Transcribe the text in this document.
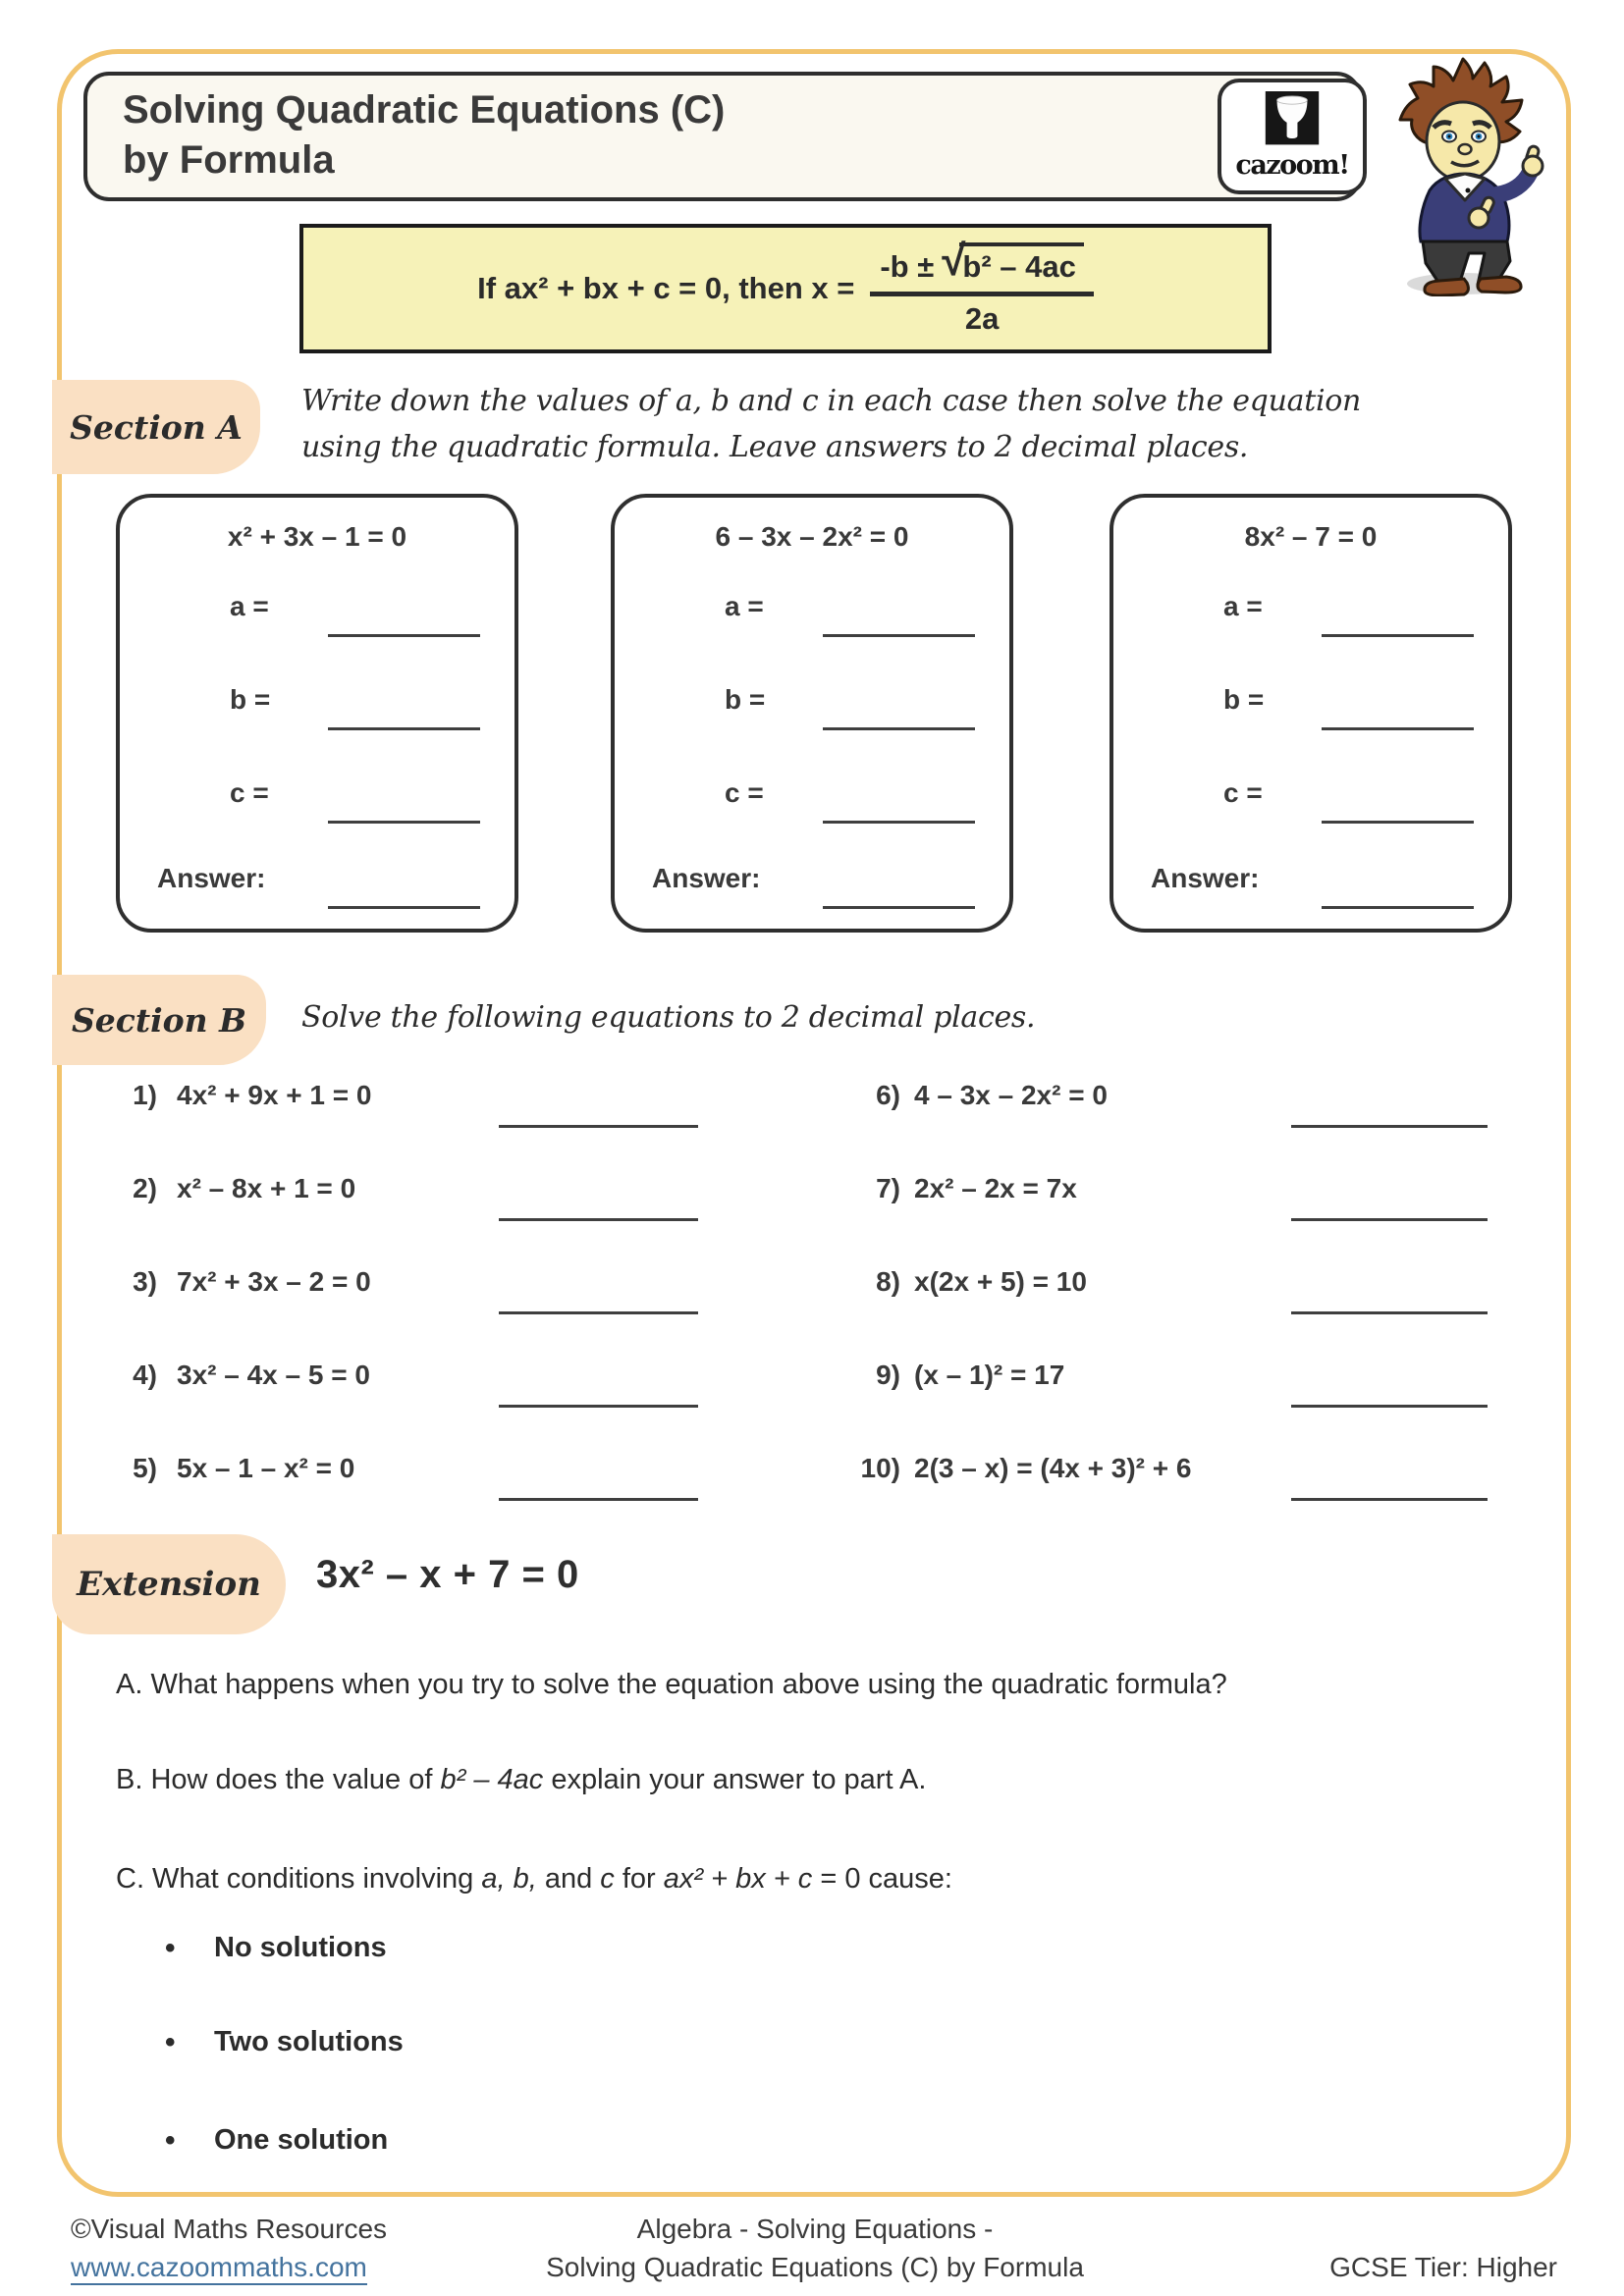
Solving Quadratic Equations (C)
by Formula	cazoom!
If ax² + bx + c = 0, then x = -b ± √
b² – 4ac
2a
Section A
Write down the values of a, b and c in each case then solve the equation
using the quadratic formula. Leave answers to 2 decimal places.
x² + 3x – 1 = 0
a =
b =
c =
Answer:
6 – 3x – 2x² = 0
a =
b =
c =
Answer:
8x² – 7 = 0
a =
b =
c =
Answer:
Section B	Solve the following equations to 2 decimal places.
1) 4x² + 9x + 1 = 0
2) x² – 8x + 1 = 0
3) 7x² + 3x – 2 = 0
4) 3x² – 4x – 5 = 0
5) 5x – 1 – x² = 0
6) 4 – 3x – 2x² = 0
7) 2x² – 2x = 7x
8) x(2x + 5) = 10
9) (x – 1)² = 17
10) 2(3 – x) = (4x + 3)² + 6
Extension	3x² – x + 7 = 0
A. What happens when you try to solve the equation above using the quadratic formula?
B. How does the value of b² – 4ac explain your answer to part A.
C. What conditions involving a, b, and c for ax² + bx + c = 0 cause:
• No solutions
• Two solutions
• One solution
©Visual Maths Resources
www.cazoommaths.com
Algebra - Solving Equations -
Solving Quadratic Equations (C) by Formula	GCSE Tier: Higher
